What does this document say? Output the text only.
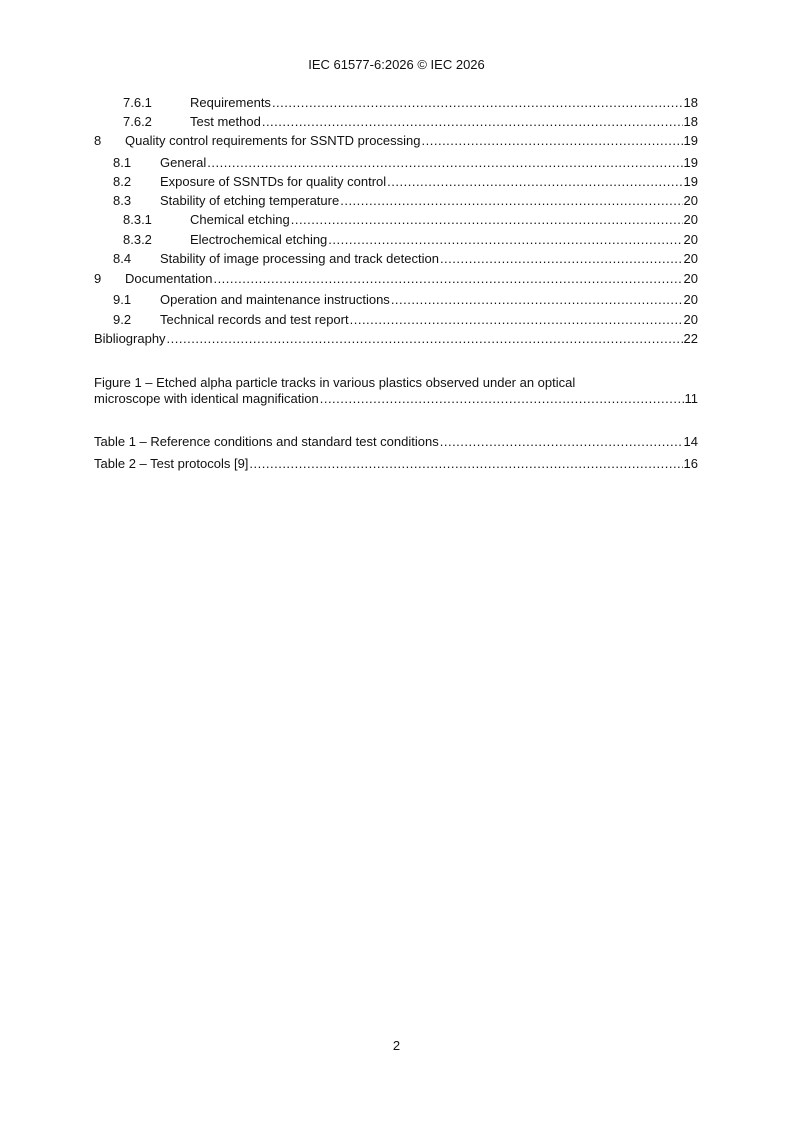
IEC 61577-6:2026 © IEC 2026
7.6.1	Requirements .....	18
7.6.2	Test method .....	18
8 Quality control requirements for SSNTD processing .....	19
8.1 General .....	19
8.2 Exposure of SSNTDs for quality control .....	19
8.3 Stability of etching temperature .....	20
8.3.1	Chemical etching .....	20
8.3.2	Electrochemical etching .....	20
8.4 Stability of image processing and track detection .....	20
9 Documentation .....	20
9.1 Operation and maintenance instructions .....	20
9.2 Technical records and test report .....	20
Bibliography .....	22
Figure 1 – Etched alpha particle tracks in various plastics observed under an optical
microscope with identical magnification .....	11
Table 1 – Reference conditions and standard test conditions .....	14
Table 2 – Test protocols [9] .....	16
2
